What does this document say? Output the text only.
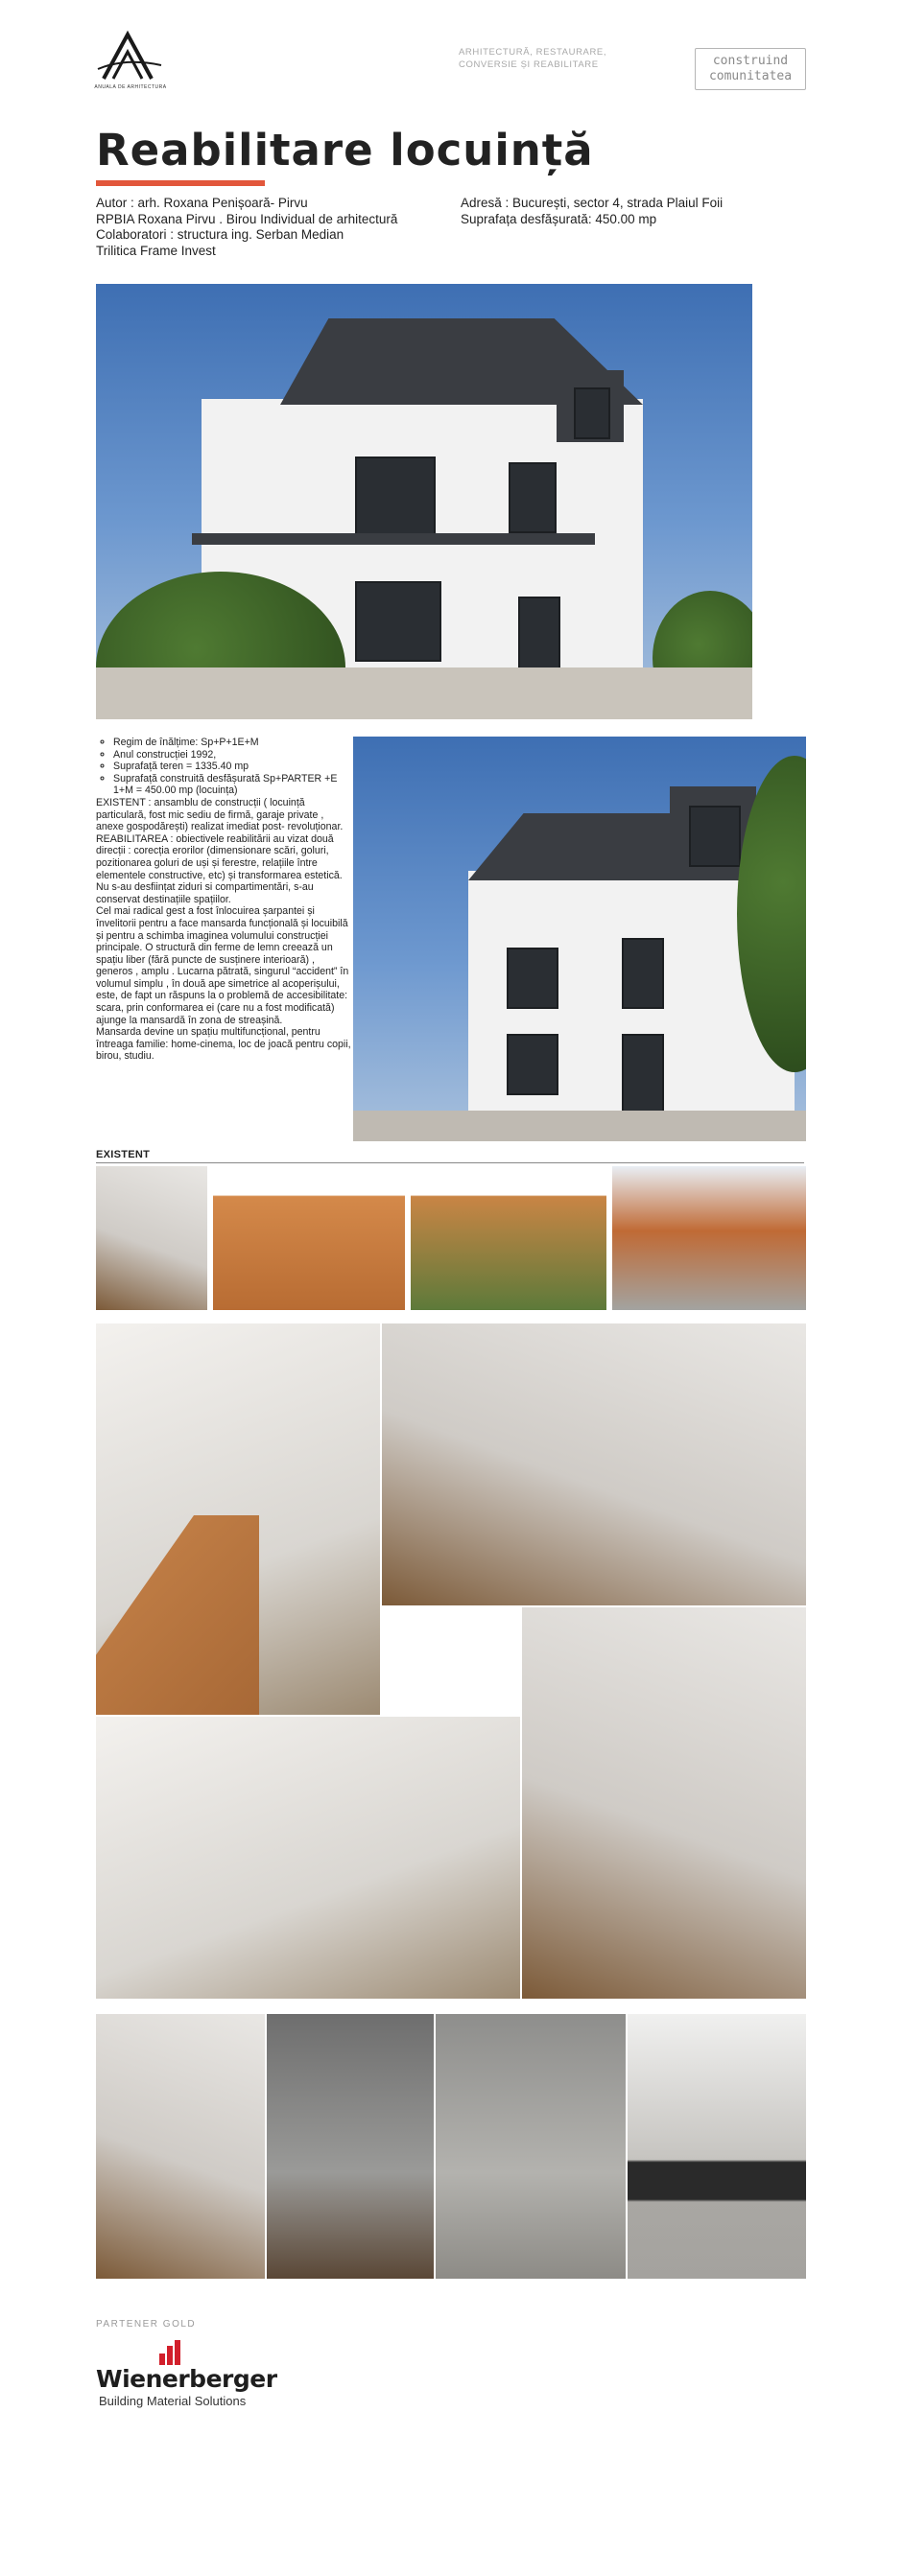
ANUALA DE ARHITECTURA
ARHITECTURĂ, RESTAURARE,
CONVERSIE ȘI REABILITARE	construind
comunitatea
Reabilitare locuință
Autor : arh. Roxana Penișoară- Pirvu
RPBIA Roxana Pirvu . Birou Individual de arhitectură
Colaboratori : structura ing. Serban Median
Trilitica Frame Invest
Adresă : București, sector 4, strada Plaiul Foii
Suprafața desfășurată: 450.00 mp
◦ Regim de înălțime: Sp+P+1E+M
◦ Anul construcției 1992,
◦ Suprafață teren = 1335.40 mp
◦ Suprafață construită desfășurată Sp+PARTER +E 1+M = 450.00 mp (locuința)

EXISTENT : ansamblu de construcții ( locuință particulară, fost mic sediu de firmă, garaje private , anexe gospodărești) realizat imediat post- revoluționar.

REABILITAREA : obiectivele reabilitării au vizat două direcții : corecția erorilor (dimensionare scări, goluri, pozitionarea goluri de uși și ferestre, relațiile între elementele constructive, etc) și transformarea estetică.

Nu s-au desființat ziduri si compartimentări, s-au conservat destinațiile spațiilor.

Cel mai radical gest a fost înlocuirea șarpantei și învelitorii pentru a face mansarda funcțională și locuibilă și pentru a schimba imaginea volumului construcției principale. O structură din ferme de lemn creează un spațiu liber (fără puncte de susținere interioară) , generos , amplu . Lucarna pătrată, singurul “accident” în volumul simplu , în două ape simetrice al acoperișului, este, de fapt un răspuns la o problemă de accesibilitate: scara, prin conformarea ei (care nu a fost modificată) ajunge la mansardă în zona de streașină.

Mansarda devine un spațiu multifuncțional, pentru întreaga familie: home-cinema, loc de joacă pentru copii, birou, studiu.

EXISTENT
PARTENER GOLD
Wienerberger
Building Material Solutions
